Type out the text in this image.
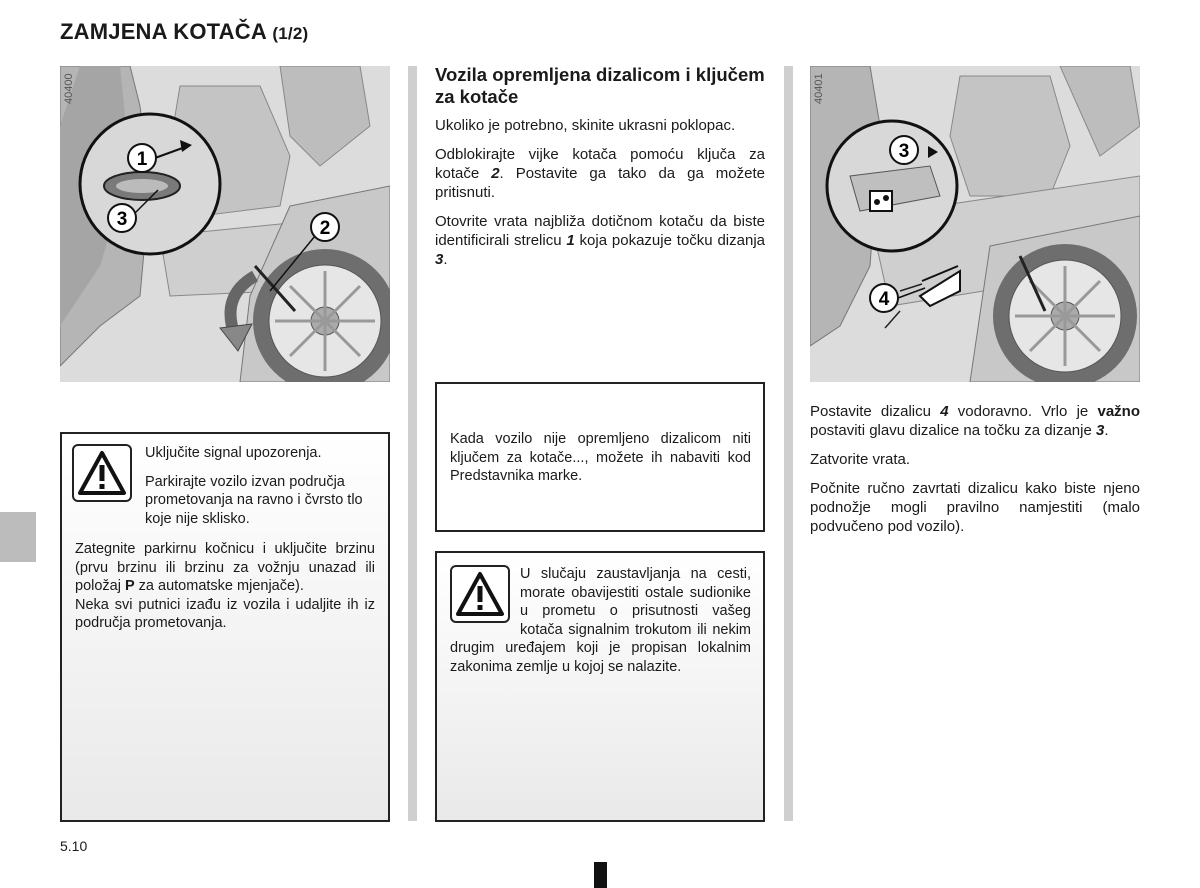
ZAMJENA KOTAČA (1/2)
1
3	2
40400

Uključite signal upozorenja.

Parkirajte vozilo izvan područja prometovanja na ravno i čvrsto tlo koje nije sklisko.

Zategnite parkirnu kočnicu i uključite brzinu (prvu brzinu ili brzinu za vožnju unazad ili položaj P za automatske mjenjače).

Neka svi putnici izađu iz vozila i udaljite ih iz područja prometovanja.

Vozila opremljena dizalicom i ključem za kotače

Ukoliko je potrebno, skinite ukrasni poklopac.

Odblokirajte vijke kotača pomoću ključa za kotače 2. Postavite ga tako da ga možete pritisnuti.

Otovrite vrata najbliža dotičnom kotaču da biste identificirali strelicu 1 koja pokazuje točku dizanja 3.

Kada vozilo nije opremljeno dizalicom niti ključem za kotače..., možete ih nabaviti kod Predstavnika marke.

U slučaju zaustavljanja na cesti, morate obavijestiti ostale sudionike u prometu o prisutnosti vašeg kotača signalnim trokutom ili nekim drugim uređajem koji je propisan lokalnim zakonima zemlje u kojoj se nalazite.

3
4
40401

Postavite dizalicu 4 vodoravno. Vrlo je važno postaviti glavu dizalice na točku za dizanje 3.

Zatvorite vrata.

Počnite ručno zavrtati dizalicu kako biste njeno podnožje mogli pravilno namjestiti (malo podvučeno pod vozilo).

5.10
